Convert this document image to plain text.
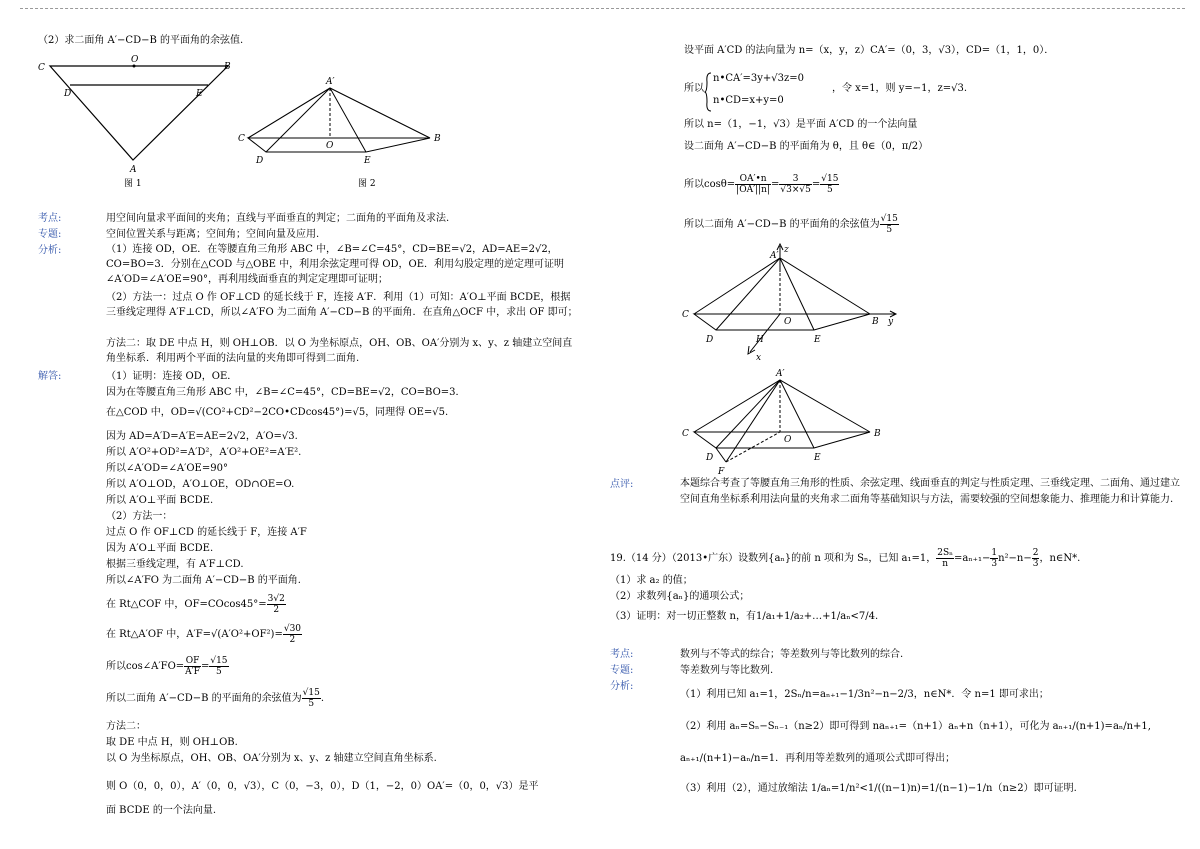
（2）求二面角 A′−CD−B 的平面角的余弦值.
C
O
B
D	E
A
图 1
A′
C
O
B
D	E
图 2
考点:	用空间向量求平面间的夹角；直线与平面垂直的判定；二面角的平面角及求法.
专题:	空间位置关系与距离；空间角；空间向量及应用.
分析:	（1）连接 OD，OE．在等腰直角三角形 ABC 中，∠B=∠C=45°，CD=BE=√2，AD=AE=2√2，CO=BO=3．分别在△COD 与△OBE 中，利用余弦定理可得 OD，OE．利用勾股定理的逆定理可证明∠A′OD=∠A′OE=90°，再利用线面垂直的判定定理即可证明；
（2）方法一：过点 O 作 OF⊥CD 的延长线于 F，连接 A′F．利用（1）可知：A′O⊥平面 BCDE，根据三垂线定理得 A′F⊥CD，所以∠A′FO 为二面角 A′−CD−B 的平面角．在直角△OCF 中，求出 OF 即可；
方法二：取 DE 中点 H，则 OH⊥OB．以 O 为坐标原点，OH、OB、OA′分别为 x、y、z 轴建立空间直角坐标系．利用两个平面的法向量的夹角即可得到二面角.
解答:	（1）证明：连接 OD，OE．
因为在等腰直角三角形 ABC 中，∠B=∠C=45°，CD=BE=√2，CO=BO=3．
在△COD 中，OD=√(CO²+CD²−2CO•CDcos45°)=√5，同理得 OE=√5.
因为 AD=A′D=A′E=AE=2√2，A′O=√3.
所以 A′O²+OD²=A′D²，A′O²+OE²=A′E².
所以∠A′OD=∠A′OE=90°
所以 A′O⊥OD，A′O⊥OE，OD∩OE=O.
所以 A′O⊥平面 BCDE.
（2）方法一：
过点 O 作 OF⊥CD 的延长线于 F，连接 A′F
因为 A′O⊥平面 BCDE.
根据三垂线定理，有 A′F⊥CD.
所以∠A′FO 为二面角 A′−CD−B 的平面角.
在 Rt△COF 中，$OF=COcos45^\circ= \frac{3√2}{2}$
在 Rt△A′OF 中，$A'F=√(A'O^2+OF^2)= \frac{√30}{2}$
所以cos∠A′FO= $\frac{OF}{A'F} = \frac{√15}{5}$
所以二面角 A′−CD−B 的平面角的余弦值为 $\frac{√15}{5}$ .
方法二：
取 DE 中点 H，则 OH⊥OB.
以 O 为坐标原点，OH、OB、OA′分别为 x、y、z 轴建立空间直角坐标系.
则 O（0，0，0），A′（0，0，√3），C（0，−3，0），D（1，−2，0）OA′=（0，0，√3）是平
面 BCDE 的一个法向量.
设平面 A′CD 的法向量为 n=（x，y，z）CA′=（0，3，√3），CD=（1，1，0）．
所以
n•CA′=3y+√3z=0
n•CD=x+y=0
，令 x=1，则 y=−1，z=√3.
所以 n=（1，−1，√3）是平面 A′CD 的一个法向量
设二面角 A′−CD−B 的平面角为 θ，且 θ∈（0，π/2）
所以$\cos\theta= \frac{OA'•n}{|OA'||n|} = \frac{3}{√3\times√5} = \frac{√15}{5}$
所以二面角 A′−CD−B 的平面角的余弦值为 $\frac{√15}{5}$
z
A′
C
O	B y
D	H	E
x
A′
C
O
B
D	E
F
点评:	本题综合考查了等腰直角三角形的性质、余弦定理、线面垂直的判定与性质定理、三垂线定理、二面角、通过建立空间直角坐标系利用法向量的夹角求二面角等基础知识与方法，需要较强的空间想象能力、推理能力和计算能力.
19.（14 分）（2013•广东）设数列{aₙ}的前 n 项和为 Sₙ，已知 a₁=1， $\frac{\text{2Sₙ}}{n} =a_{n+1}- \frac{1}{3} n^2-n- \frac{2}{3}$ ，n∈N*.
（1）求 a₂ 的值；
（2）求数列{aₙ}的通项公式；
（3）证明：对一切正整数 n，有1/a₁+1/a₂+…+1/aₙ<7/4.
考点:	数列与不等式的综合；等差数列与等比数列的综合.
专题:	等差数列与等比数列.
分析:
（1）利用已知 a₁=1，2Sₙ/n=aₙ₊₁−1/3n²−n−2/3，n∈N*．令 n=1 即可求出；
（2）利用 aₙ=Sₙ−Sₙ₋₁（n≥2）即可得到 naₙ₊₁=（n+1）aₙ+n（n+1），可化为 aₙ₊₁/(n+1)=aₙ/n+1,
aₙ₊₁/(n+1)−aₙ/n=1．再利用等差数列的通项公式即可得出；
（3）利用（2），通过放缩法 1/aₙ=1/n²<1/((n−1)n)=1/(n−1)−1/n（n≥2）即可证明.
